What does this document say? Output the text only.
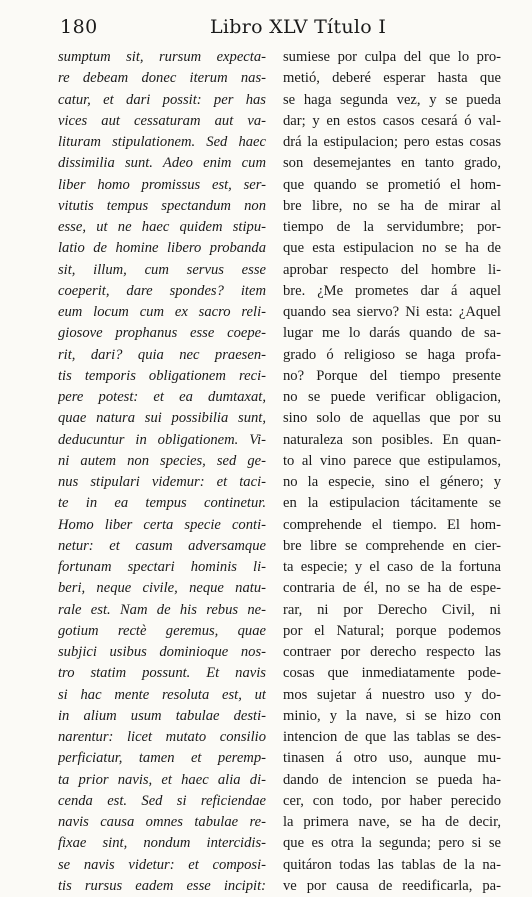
180	Libro XLV Título I
sumptum sit, rursum expecta-
re debeam donec iterum nas-
catur, et dari possit: per has
vices aut cessaturam aut va-
lituram stipulationem. Sed haec
dissimilia sunt. Adeo enim cum
liber homo promissus est, ser-
vitutis tempus spectandum non
esse, ut ne haec quidem stipu-
latio de homine libero probanda
sit, illum, cum servus esse
coeperit, dare spondes? item
eum locum cum ex sacro reli-
giosove prophanus esse coepe-
rit, dari? quia nec praesen-
tis temporis obligationem reci-
pere potest: et ea dumtaxat,
quae natura sui possibilia sunt,
deducuntur in obligationem. Vi-
ni autem non species, sed ge-
nus stipulari videmur: et taci-
te in ea tempus continetur.
Homo liber certa specie conti-
netur: et casum adversamque
fortunam spectari hominis li-
beri, neque civile, neque natu-
rale est. Nam de his rebus ne-
gotium rectè geremus, quae
subjici usibus dominioque nos-
tro statim possunt. Et navis
si hac mente resoluta est, ut
in alium usum tabulae desti-
narentur: licet mutato consilio
perficiatur, tamen et peremp-
ta prior navis, et haec alia di-
cenda est. Sed si reficiendae
navis causa omnes tabulae re-
fixae sint, nondum intercidis-
se navis videtur: et composi-
tis rursus eadem esse incipit:
sumiese por culpa del que lo pro-
metió, deberé esperar hasta que
se haga segunda vez, y se pueda
dar; y en estos casos cesará ó val-
drá la estipulacion; pero estas cosas
son desemejantes en tanto grado,
que quando se prometió el hom-
bre libre, no se ha de mirar al
tiempo de la servidumbre; por-
que esta estipulacion no se ha de
aprobar respecto del hombre li-
bre. ¿Me prometes dar á aquel
quando sea siervo? Ni esta: ¿Aquel
lugar me lo darás quando de sa-
grado ó religioso se haga profa-
no? Porque del tiempo presente
no se puede verificar obligacion,
sino solo de aquellas que por su
naturaleza son posibles. En quan-
to al vino parece que estipulamos,
no la especie, sino el género; y
en la estipulacion tácitamente se
comprehende el tiempo. El hom-
bre libre se comprehende en cier-
ta especie; y el caso de la fortuna
contraria de él, no se ha de espe-
rar, ni por Derecho Civil, ni
por el Natural; porque podemos
contraer por derecho respecto las
cosas que inmediatamente pode-
mos sujetar á nuestro uso y do-
minio, y la nave, si se hizo con
intencion de que las tablas se des-
tinasen á otro uso, aunque mu-
dando de intencion se pueda ha-
cer, con todo, por haber perecido
la primera nave, se ha de decir,
que es otra la segunda; pero si se
quitáron todas las tablas de la na-
ve por causa de reedificarla, pa-
